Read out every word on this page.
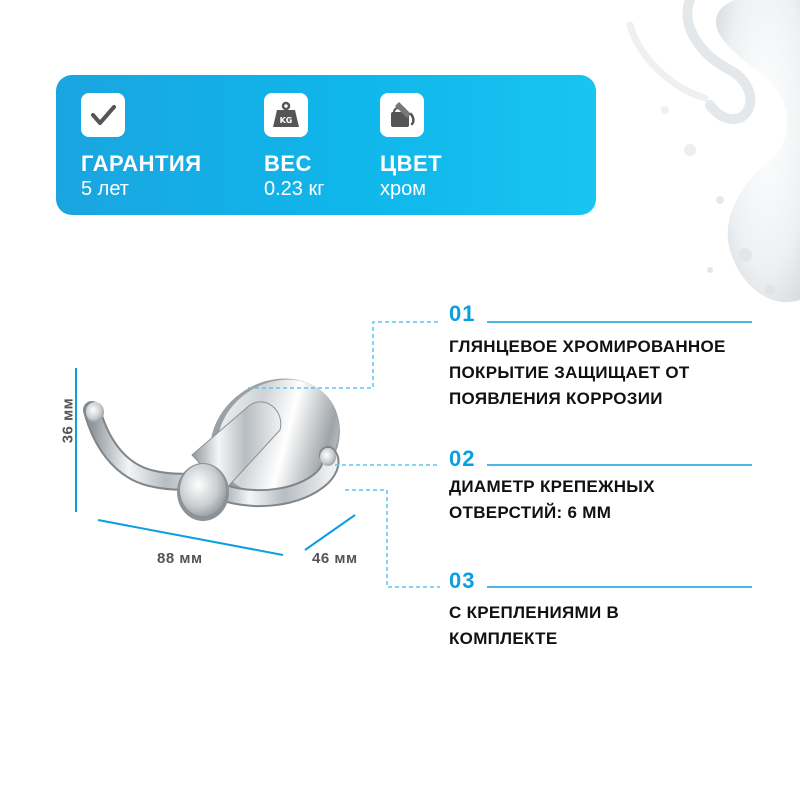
ГАРАНТИЯ
5 лет
KG
ВЕС
0.23 кг
ЦВЕТ
хром
36 мм
88 мм	46 мм
01
ГЛЯНЦЕВОЕ ХРОМИРОВАННОЕ ПОКРЫТИЕ ЗАЩИЩАЕТ ОТ ПОЯВЛЕНИЯ КОРРОЗИИ
02
ДИАМЕТР КРЕПЕЖНЫХ ОТВЕРСТИЙ: 6 ММ
03
С КРЕПЛЕНИЯМИ В КОМПЛЕКТЕ
